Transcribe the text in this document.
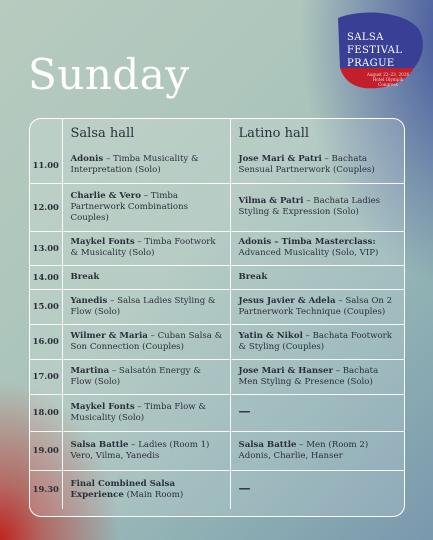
Sunday
SALSA
FESTIVAL
PRAGUE
August 22–23, 2026
Hotel Olympik Congress
	Salsa hall	Latino hall
11.00	Adonis – Timba Musicality & Interpretation (Solo)	Jose Mari & Patri – Bachata Sensual Partnerwork (Couples)
12.00	Charlie & Vero – Timba Partnerwork Combinations Couples)	Vilma & Patri – Bachata Ladies Styling & Expression (Solo)
13.00	Maykel Fonts – Timba Footwork & Musicality (Solo)	Adonis – Timba Masterclass: Advanced Musicality (Solo, VIP)
14.00	Break	Break
15.00	Yanedis – Salsa Ladies Styling & Flow (Solo)	Jesus Javier & Adela – Salsa On 2 Partnerwork Technique (Couples)
16.00	Wilmer & Maria – Cuban Salsa & Son Connection (Couples)	Yatin & Nikol – Bachata Footwork & Styling (Couples)
17.00	Martina – Salsatón Energy & Flow (Solo)	Jose Mari & Hanser – Bachata Men Styling & Presence (Solo)
18.00	Maykel Fonts – Timba Flow & Musicality (Solo)	—
19.00	Salsa Battle – Ladies (Room 1) Vero, Vilma, Yanedis	Salsa Battle – Men (Room 2) Adonis, Charlie, Hanser
19.30	Final Combined Salsa Experience (Main Room)	—
